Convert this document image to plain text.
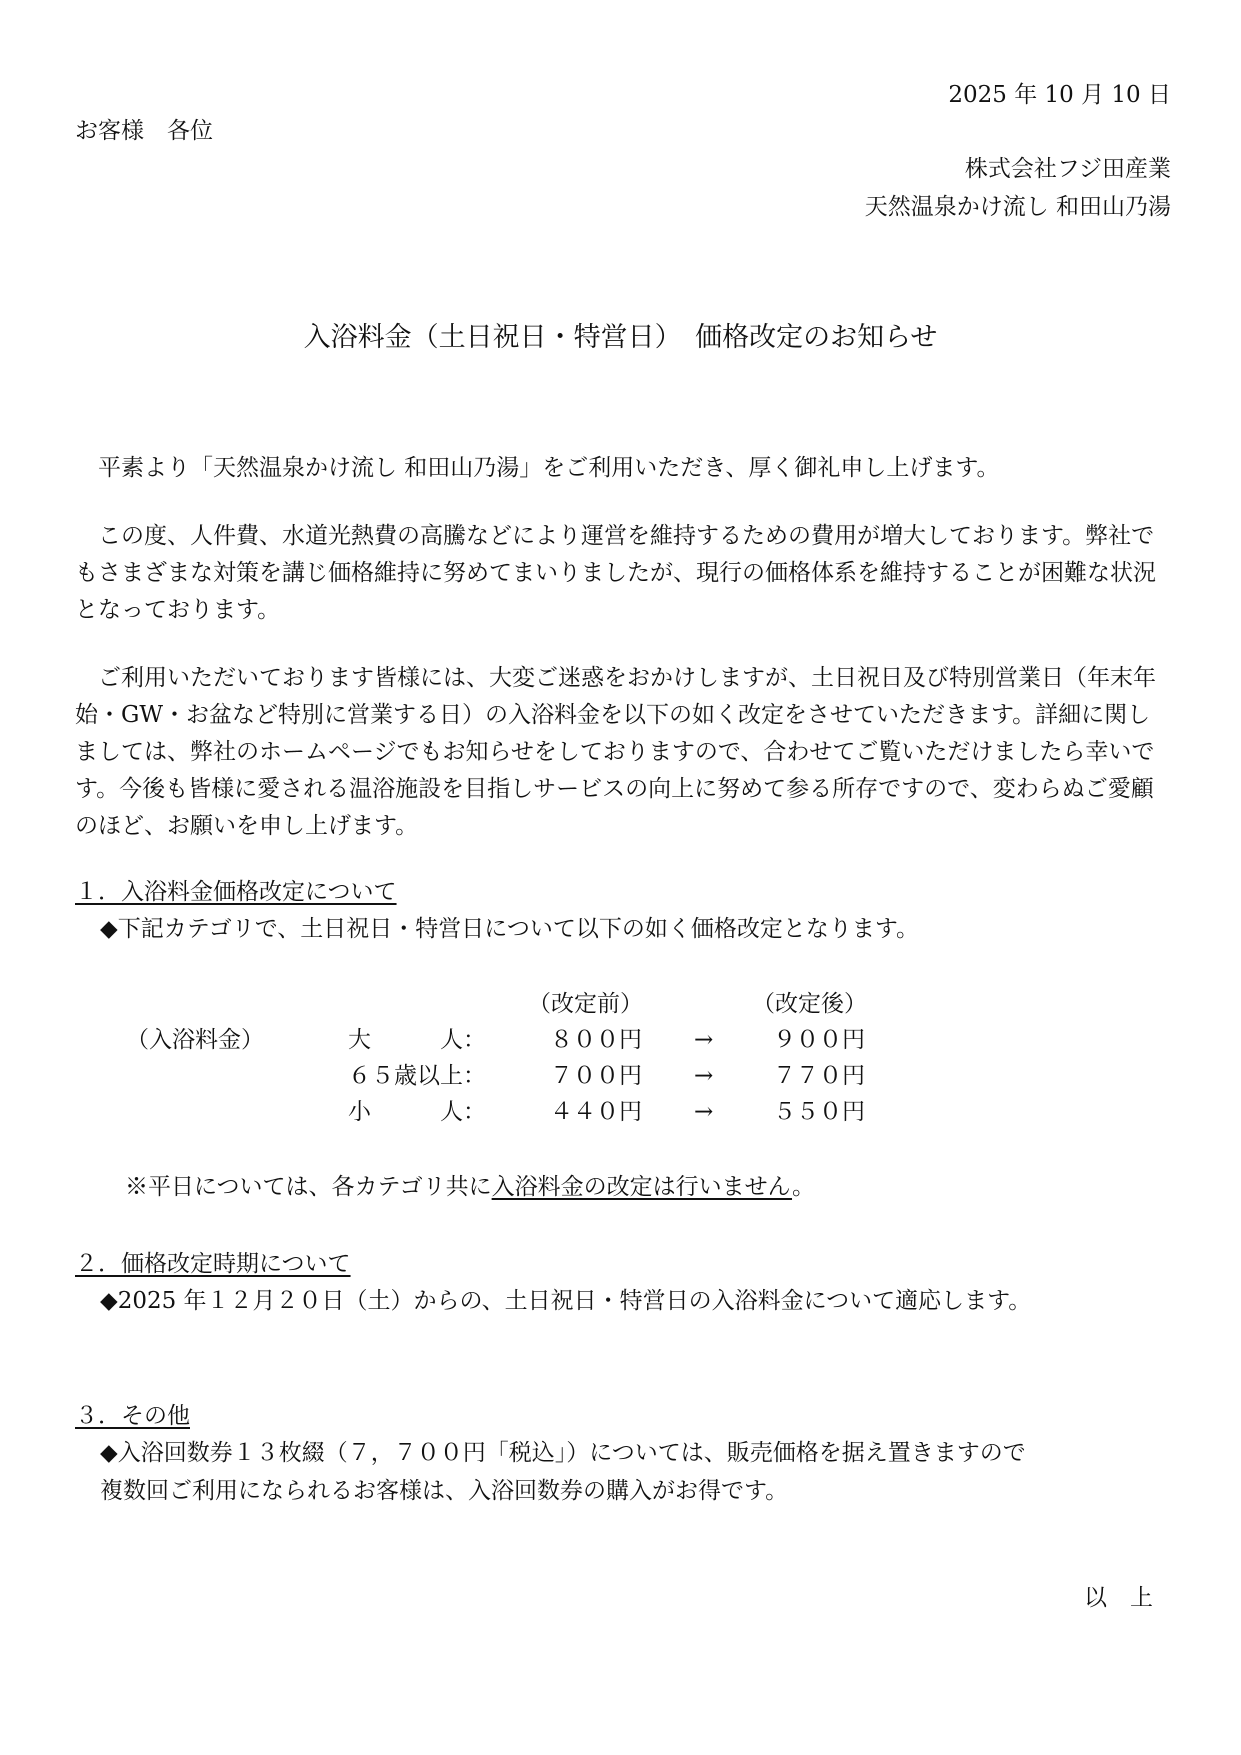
2025 年 10 月 10 日
お客様　各位
株式会社フジ田産業
天然温泉かけ流し 和田山乃湯
入浴料金（土日祝日・特営日）　価格改定のお知らせ

　平素より「天然温泉かけ流し 和田山乃湯」をご利用いただき、厚く御礼申し上げます。

　この度、人件費、水道光熱費の高騰などにより運営を維持するための費用が増大しております。弊社でもさまざまな対策を講じ価格維持に努めてまいりましたが、現行の価格体系を維持することが困難な状況となっております。

　ご利用いただいております皆様には、大変ご迷惑をおかけしますが、土日祝日及び特別営業日（年末年始・GW・お盆など特別に営業する日）の入浴料金を以下の如く改定をさせていただきます。詳細に関しましては、弊社のホームページでもお知らせをしておりますので、合わせてご覧いただけましたら幸いです。今後も皆様に愛される温浴施設を目指しサービスの向上に努めて参る所存ですので、変わらぬご愛顧のほど、お願いを申し上げます。

１．入浴料金価格改定について
◆下記カテゴリで、土日祝日・特営日について以下の如く価格改定となります。
（改定前）	（改定後）
（入浴料金）	大　　　人：	８００円 →	９００円
６５歳以上：	７００円 →	７７０円
小　　　人：	４４０円 →	５５０円
※平日については、各カテゴリ共に入浴料金の改定は行いません。
２．価格改定時期について
◆2025 年１２月２０日（土）からの、土日祝日・特営日の入浴料金について適応します。
３．その他
◆入浴回数券１３枚綴（７，７００円「税込」）については、販売価格を据え置きますので
複数回ご利用になられるお客様は、入浴回数券の購入がお得です。
以　上
